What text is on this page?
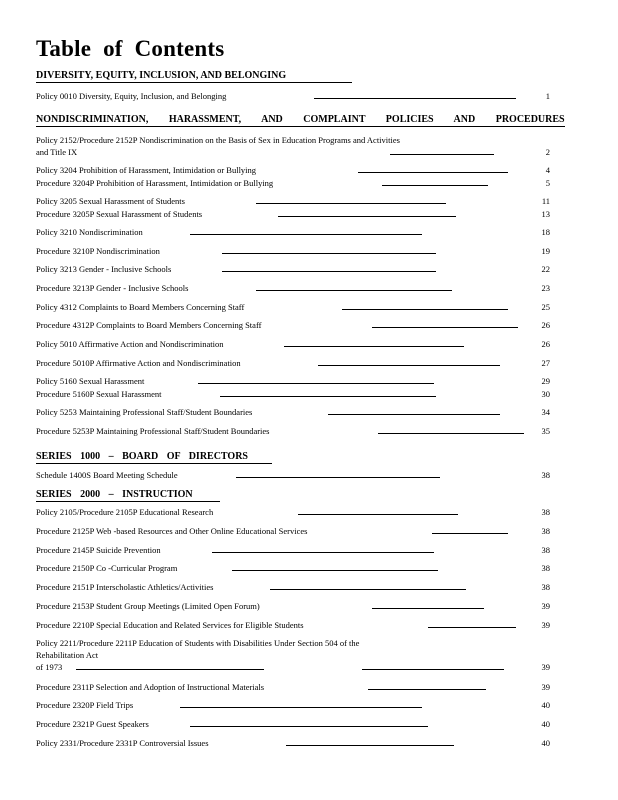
Table of Contents
DIVERSITY, EQUITY, INCLUSION, AND BELONGING
NONDISCRIMINATION, HARASSMENT, AND COMPLAINT POLICIES AND PROCEDURES
SERIES 1000 – BOARD OF DIRECTORS
SERIES 2000 – INSTRUCTION
Policy 0010 Diversity, Equity, Inclusion, and Belonging	1
Policy 2152/Procedure 2152P Nondiscrimination on the Basis of Sex in Education Programs and Activities
and Title IX	2
Policy 3204 Prohibition of Harassment, Intimidation or Bullying	4
Procedure 3204P Prohibition of Harassment, Intimidation or Bullying	5
Policy 3205 Sexual Harassment of Students	11
Procedure 3205P Sexual Harassment of Students	13
Policy 3210 Nondiscrimination	18
Procedure 3210P Nondiscrimination	19
Policy 3213 Gender - Inclusive Schools	22
Procedure 3213P Gender - Inclusive Schools	23
Policy 4312 Complaints to Board Members Concerning Staff	25
Procedure 4312P Complaints to Board Members Concerning Staff	26
Policy 5010 Affirmative Action and Nondiscrimination	26
Procedure 5010P Affirmative Action and Nondiscrimination	27
Policy 5160 Sexual Harassment	29
Procedure 5160P Sexual Harassment	30
Policy 5253 Maintaining Professional Staff/Student Boundaries	34
Procedure 5253P Maintaining Professional Staff/Student Boundaries	35
Schedule 1400S Board Meeting Schedule	38
Policy 2105/Procedure 2105P Educational Research	38
Procedure 2125P Web -based Resources and Other Online Educational Services	38
Procedure 2145P Suicide Prevention	38
Procedure 2150P Co -Curricular Program	38
Procedure 2151P Interscholastic Athletics/Activities	38
Procedure 2153P Student Group Meetings (Limited Open Forum)	39
Procedure 2210P Special Education and Related Services for Eligible Students	39
Policy 2211/Procedure 2211P Education of Students with Disabilities Under Section 504 of the
Rehabilitation Act
of 1973	39
Procedure 2311P Selection and Adoption of Instructional Materials	39
Procedure 2320P Field Trips	40
Procedure 2321P Guest Speakers	40
Policy 2331/Procedure 2331P Controversial Issues	40
